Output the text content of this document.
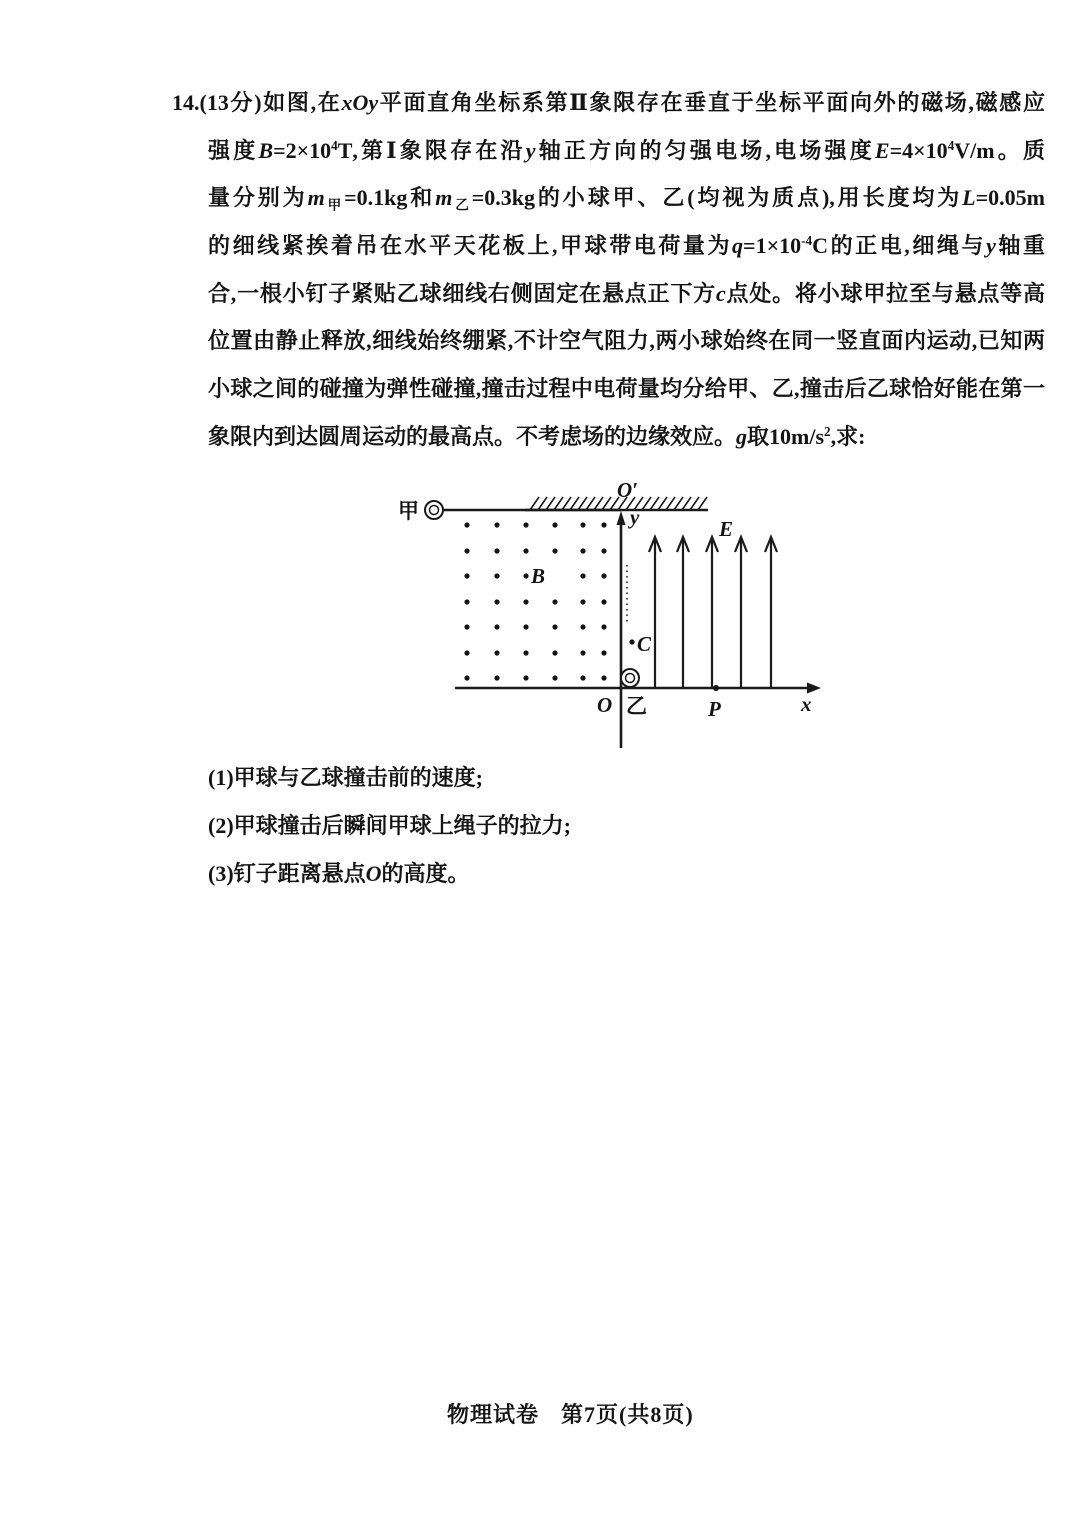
14.(13分)如图,在xOy平面直角坐标系第Ⅱ象限存在垂直于坐标平面向外的磁场,磁感应
强度$B=2\times 10^4T$,第Ⅰ象限存在沿y轴正方向的匀强电场,电场强度$E=4\times 10^4V/m$。质
量分别为m甲=0.1kg和m乙=0.3kg的小球甲、乙(均视为质点),用长度均为L=0.05m
的细线紧挨着吊在水平天花板上,甲球带电荷量为$q=1\times 10^{-4}C$的正电,细绳与y轴重
合,一根小钉子紧贴乙球细线右侧固定在悬点正下方c点处。将小球甲拉至与悬点等高
位置由静止释放,细线始终绷紧,不计空气阻力,两小球始终在同一竖直面内运动,已知两
小球之间的碰撞为弹性碰撞,撞击过程中电荷量均分给甲、乙,撞击后乙球恰好能在第一
象限内到达圆周运动的最高点。不考虑场的边缘效应。g取$10m/s^2$,求:
甲
O′
B
y
C
E
O 乙	P	x
(1)甲球与乙球撞击前的速度;
(2)甲球撞击后瞬间甲球上绳子的拉力;
(3)钉子距离悬点O的高度。
物理试卷 第7页(共8页)
